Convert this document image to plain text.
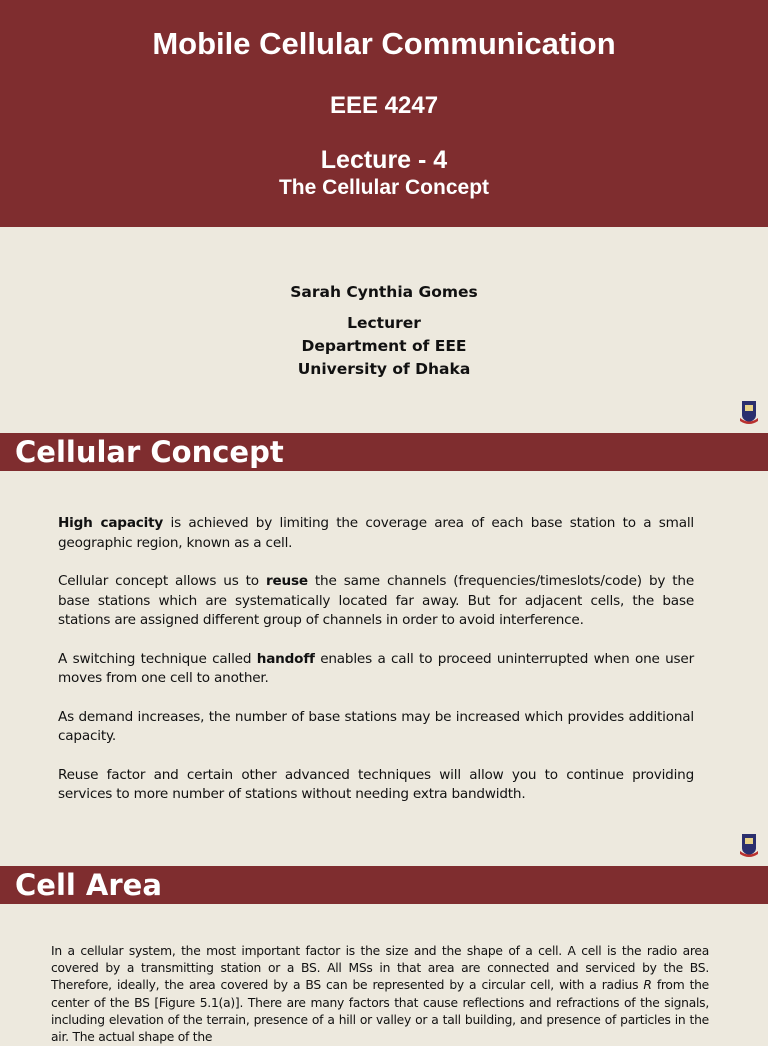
Mobile Cellular Communication
EEE 4247
Lecture - 4
The Cellular Concept
Sarah Cynthia Gomes
Lecturer
Department of EEE
University of Dhaka
Cellular Concept

High capacity is achieved by limiting the coverage area of each base station to a small geographic region, known as a cell.

Cellular concept allows us to reuse the same channels (frequencies/timeslots/code) by the base stations which are systematically located far away. But for adjacent cells, the base stations are assigned different group of channels in order to avoid interference.

A switching technique called handoff enables a call to proceed uninterrupted when one user moves from one cell to another.

As demand increases, the number of base stations may be increased which provides additional capacity.

Reuse factor and certain other advanced techniques will allow you to continue providing services to more number of stations without needing extra bandwidth.

Cell Area
In a cellular system, the most important factor is the size and the shape of a cell. A cell is the radio area covered by a transmitting station or a BS. All MSs in that area are connected and serviced by the BS. Therefore, ideally, the area covered by a BS can be represented by a circular cell, with a radius R from the center of the BS [Figure 5.1(a)]. There are many factors that cause reflections and refractions of the signals, including elevation of the terrain, presence of a hill or valley or a tall building, and presence of particles in the air. The actual shape of the
